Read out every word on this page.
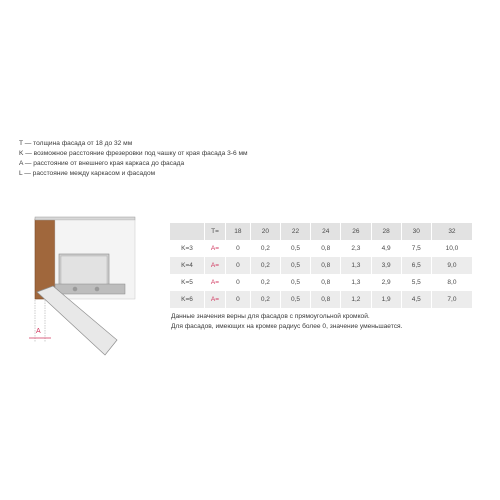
T — толщина фасада от 18 до 32 мм
K — возможное расстояние фрезеровки под чашку от края фасада 3-6 мм
A — расстояние от внешнего края каркаса до фасада
L — расстояние между каркасом и фасадом
A
	T=	18	20	22	24	26	28	30	32
K=3	A=	0	0,2	0,5	0,8	2,3	4,9	7,5	10,0
K=4	A=	0	0,2	0,5	0,8	1,3	3,9	6,5	9,0
K=5	A=	0	0,2	0,5	0,8	1,3	2,9	5,5	8,0
K=6	A=	0	0,2	0,5	0,8	1,2	1,9	4,5	7,0
Данные значения верны для фасадов с прямоугольной кромкой.
Для фасадов, имеющих на кромке радиус более 0, значение уменьшается.
